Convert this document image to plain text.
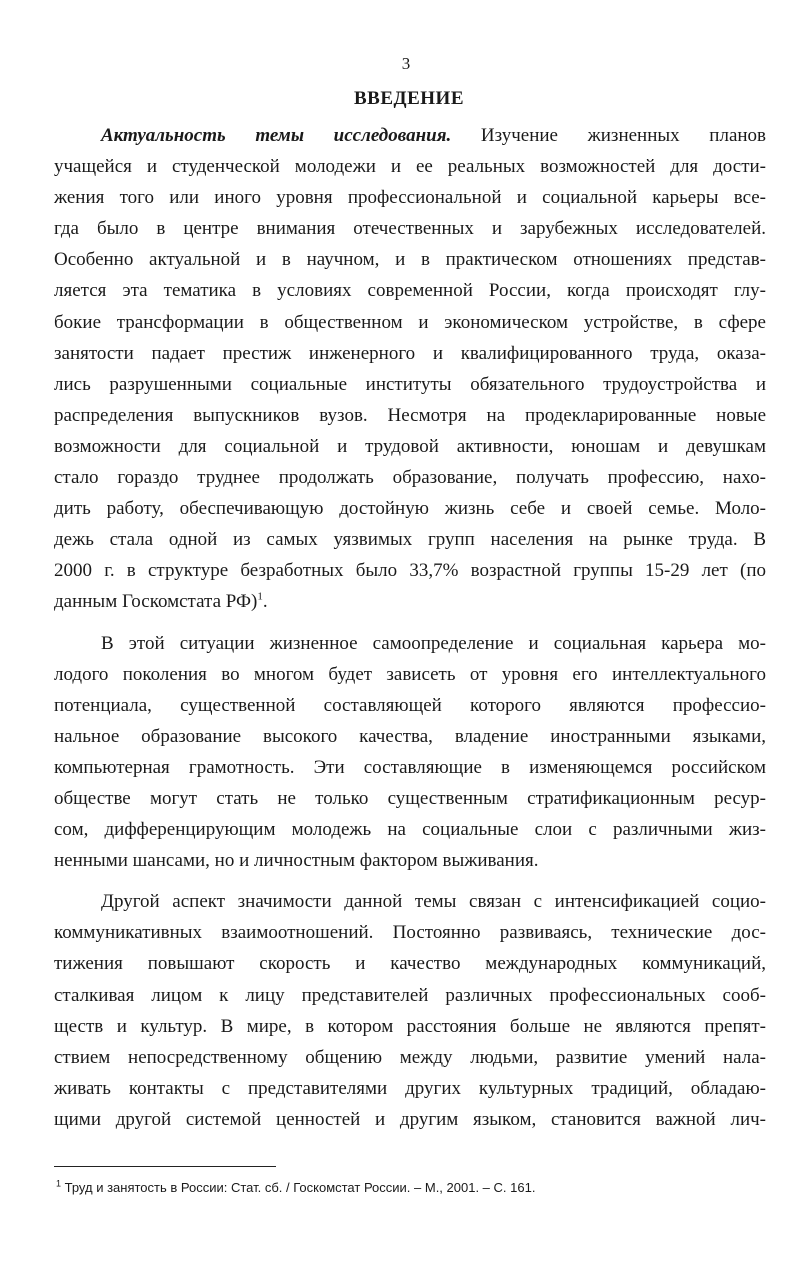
3
ВВЕДЕНИЕ
Актуальность темы исследования. Изучение жизненных планов
учащейся и студенческой молодежи и ее реальных возможностей для дости-
жения того или иного уровня профессиональной и социальной карьеры все-
гда было в центре внимания отечественных и зарубежных исследователей.
Особенно актуальной и в научном, и в практическом отношениях представ-
ляется эта тематика в условиях современной России, когда происходят глу-
бокие трансформации в общественном и экономическом устройстве, в сфере
занятости падает престиж инженерного и квалифицированного труда, оказа-
лись разрушенными социальные институты обязательного трудоустройства и
распределения выпускников вузов. Несмотря на продекларированные новые
возможности для социальной и трудовой активности, юношам и девушкам
стало гораздо труднее продолжать образование, получать профессию, нахо-
дить работу, обеспечивающую достойную жизнь себе и своей семье. Моло-
дежь стала одной из самых уязвимых групп населения на рынке труда. В
2000 г. в структуре безработных было 33,7% возрастной группы 15-29 лет (по
данным Госкомстата РФ)$^1$.
В этой ситуации жизненное самоопределение и социальная карьера мо-
лодого поколения во многом будет зависеть от уровня его интеллектуального
потенциала, существенной составляющей которого являются профессио-
нальное образование высокого качества, владение иностранными языками,
компьютерная грамотность. Эти составляющие в изменяющемся российском
обществе могут стать не только существенным стратификационным ресур-
сом, дифференцирующим молодежь на социальные слои с различными жиз-
ненными шансами, но и личностным фактором выживания.
Другой аспект значимости данной темы связан с интенсификацией социо-
коммуникативных взаимоотношений. Постоянно развиваясь, технические дос-
тижения повышают скорость и качество международных коммуникаций,
сталкивая лицом к лицу представителей различных профессиональных сооб-
ществ и культур. В мире, в котором расстояния больше не являются препят-
ствием непосредственному общению между людьми, развитие умений нала-
живать контакты с представителями других культурных традиций, обладаю-
щими другой системой ценностей и другим языком, становится важной лич-
$^1$ Труд и занятость в России: Стат. сб. / Госкомстат России. – М., 2001. – С. 161.
